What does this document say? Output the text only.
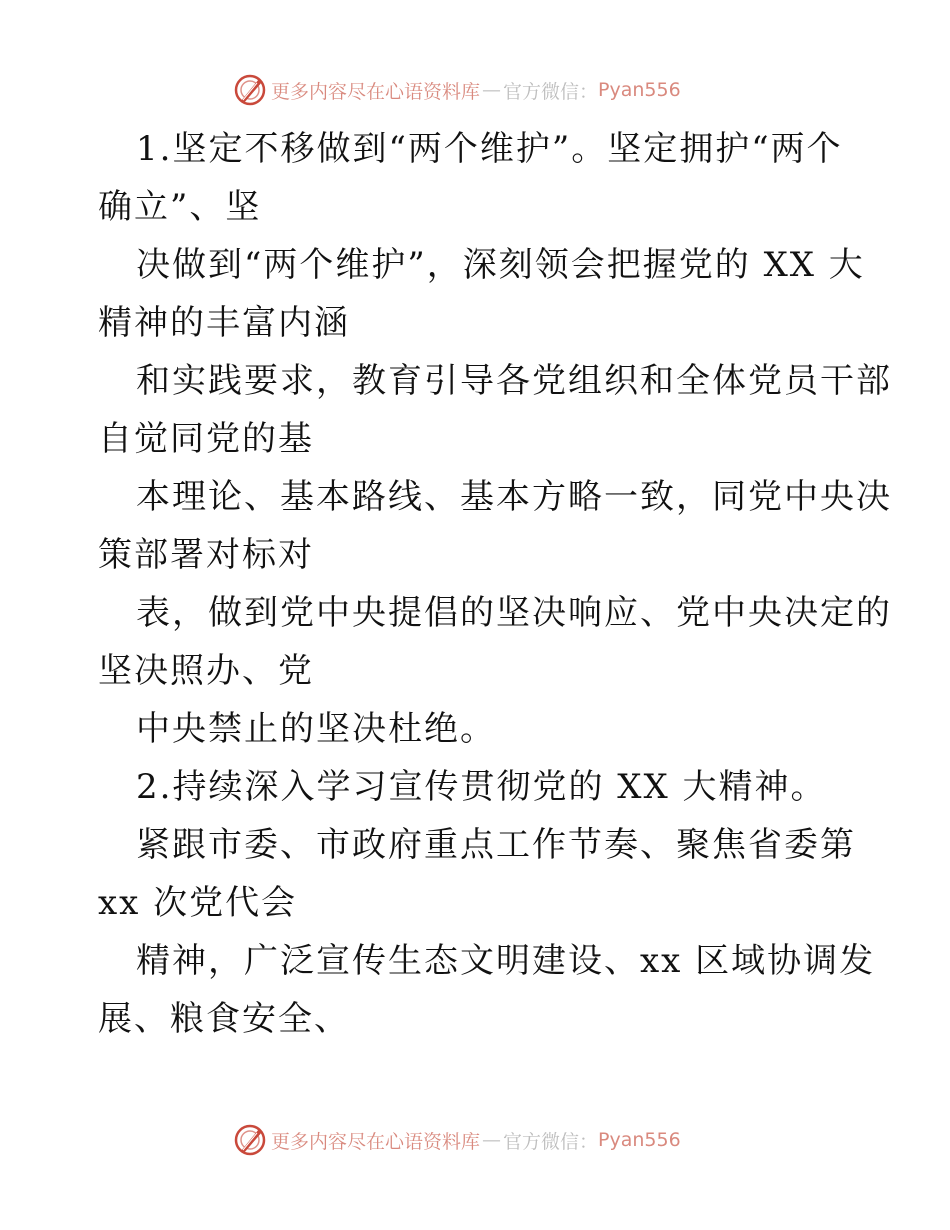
更多内容尽在心语资料库 — 官方微信： Pyan556

1.坚定不移做到“两个维护”。坚定拥护“两个
确立”、坚
决做到“两个维护”，深刻领会把握党的 XX 大
精神的丰富内涵
和实践要求，教育引导各党组织和全体党员干部
自觉同党的基
本理论、基本路线、基本方略一致，同党中央决
策部署对标对
表，做到党中央提倡的坚决响应、党中央决定的
坚决照办、党
中央禁止的坚决杜绝。
2.持续深入学习宣传贯彻党的 XX 大精神。
紧跟市委、市政府重点工作节奏、聚焦省委第
xx 次党代会
精神，广泛宣传生态文明建设、xx 区域协调发
展、粮食安全、

更多内容尽在心语资料库 — 官方微信： Pyan556
